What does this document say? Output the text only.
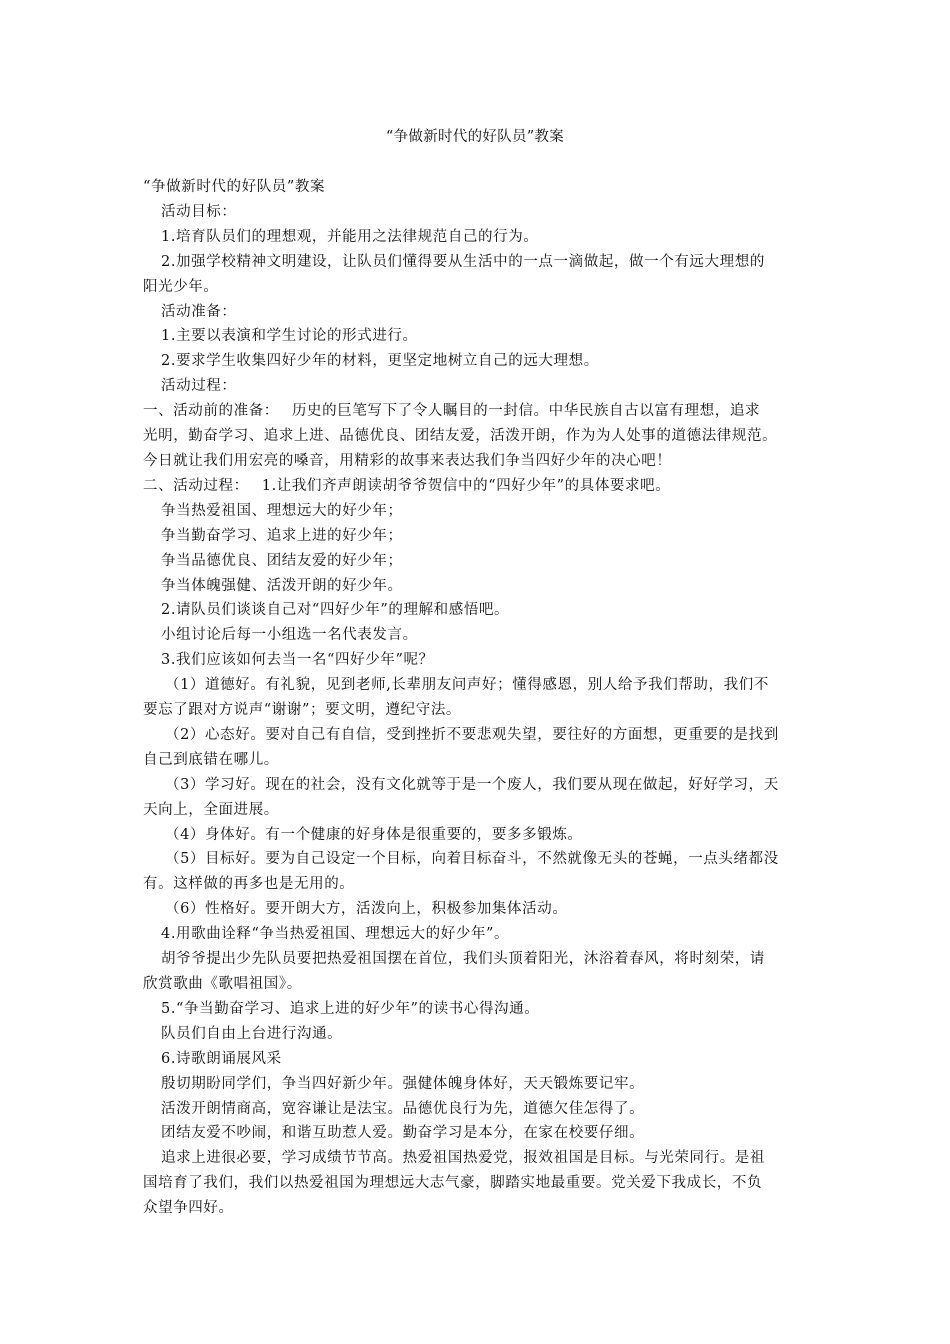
“争做新时代的好队员”教案
“争做新时代的好队员”教案
活动目标：
1.培育队员们的理想观，并能用之法律规范自己的行为。
2.加强学校精神文明建设，让队员们懂得要从生活中的一点一滴做起，做一个有远大理想的
阳光少年。
活动准备：
1.主要以表演和学生讨论的形式进行。
2.要求学生收集四好少年的材料，更坚定地树立自己的远大理想。
活动过程：
一、活动前的准备：　 历史的巨笔写下了令人瞩目的一封信。中华民族自古以富有理想，追求
光明，勤奋学习、追求上进、品德优良、团结友爱，活泼开朗，作为为人处事的道德法律规范。
今日就让我们用宏亮的嗓音，用精彩的故事来表达我们争当四好少年的决心吧！
二、活动过程：　 1.让我们齐声朗读胡爷爷贺信中的“四好少年”的具体要求吧。
争当热爱祖国、理想远大的好少年；
争当勤奋学习、追求上进的好少年；
争当品德优良、团结友爱的好少年；
争当体魄强健、活泼开朗的好少年。
2.请队员们谈谈自己对“四好少年”的理解和感悟吧。
小组讨论后每一小组选一名代表发言。
3.我们应该如何去当一名“四好少年”呢？
（1）道德好。有礼貌，见到老师,长辈朋友问声好；懂得感恩，别人给予我们帮助，我们不
要忘了跟对方说声“谢谢”；要文明，遵纪守法。
（2）心态好。要对自己有自信，受到挫折不要悲观失望，要往好的方面想，更重要的是找到
自己到底错在哪儿。
（3）学习好。现在的社会，没有文化就等于是一个废人，我们要从现在做起，好好学习，天
天向上，全面进展。
（4）身体好。有一个健康的好身体是很重要的，要多多锻炼。
（5）目标好。要为自己设定一个目标，向着目标奋斗，不然就像无头的苍蝇，一点头绪都没
有。这样做的再多也是无用的。
（6）性格好。要开朗大方，活泼向上，积极参加集体活动。
4.用歌曲诠释“争当热爱祖国、理想远大的好少年”。
胡爷爷提出少先队员要把热爱祖国摆在首位，我们头顶着阳光，沐浴着春风，将时刻荣，请
欣赏歌曲《歌唱祖国》。
5.“争当勤奋学习、追求上进的好少年”的读书心得沟通。
队员们自由上台进行沟通。
6.诗歌朗诵展风采
殷切期盼同学们，争当四好新少年。强健体魄身体好，天天锻炼要记牢。
活泼开朗情商高，宽容谦让是法宝。品德优良行为先，道德欠佳怎得了。
团结友爱不吵闹，和谐互助惹人爱。勤奋学习是本分，在家在校要仔细。
追求上进很必要，学习成绩节节高。热爱祖国热爱党，报效祖国是目标。与光荣同行。是祖
国培育了我们，我们以热爱祖国为理想远大志气豪，脚踏实地最重要。党关爱下我成长，不负
众望争四好。
